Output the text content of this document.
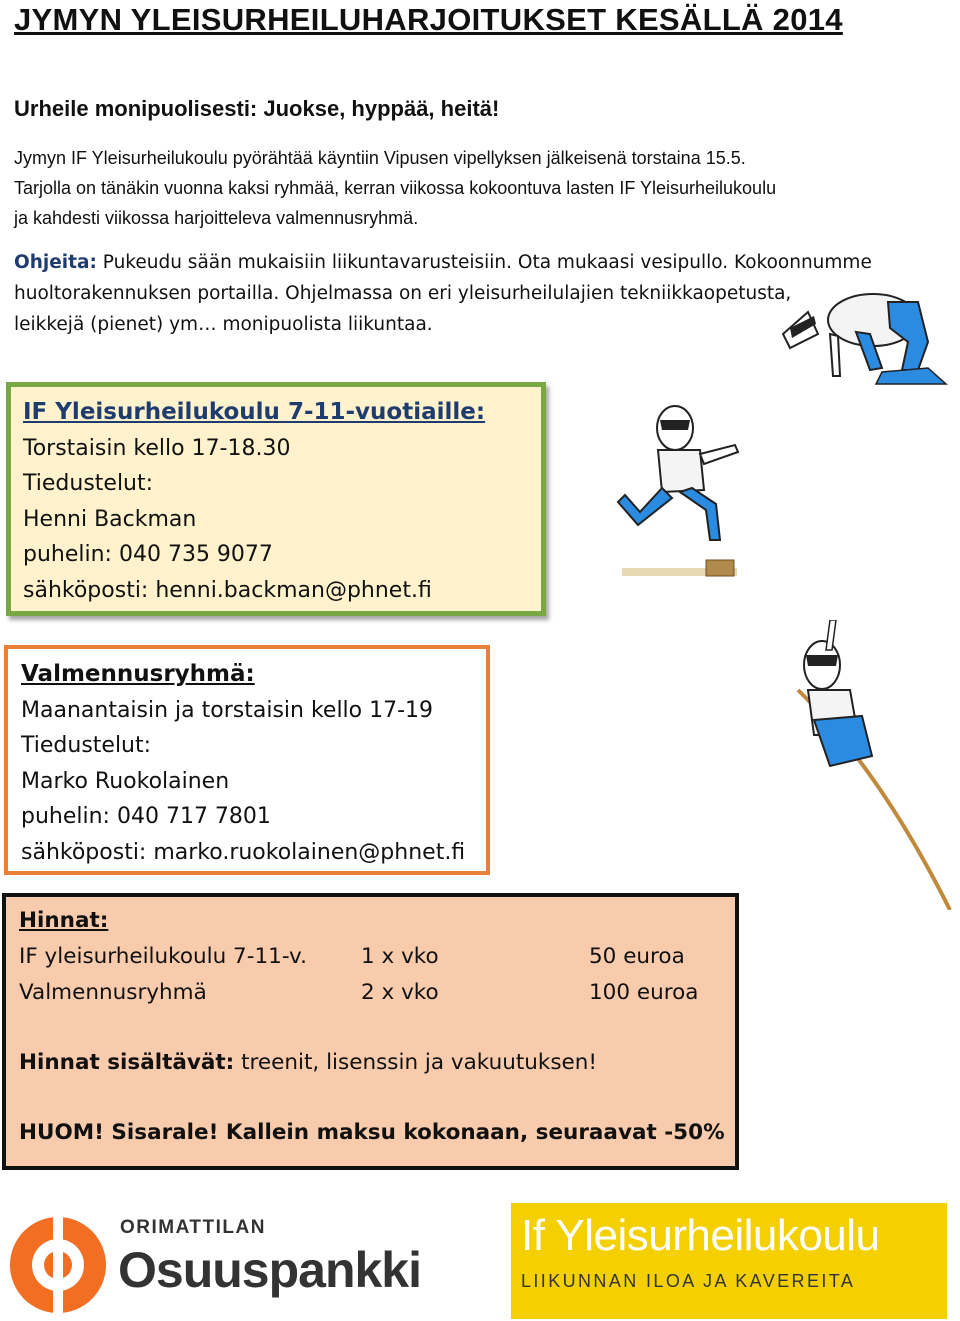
JYMYN YLEISURHEILUHARJOITUKSET KESÄLLÄ 2014
Urheile monipuolisesti: Juokse, hyppää, heitä!
Jymyn IF Yleisurheilukoulu pyörähtää käyntiin Vipusen vipellyksen jälkeisenä torstaina 15.5.
Tarjolla on tänäkin vuonna kaksi ryhmää, kerran viikossa kokoontuva lasten IF Yleisurheilukoulu
ja kahdesti viikossa harjoitteleva valmennusryhmä.
Ohjeita: Pukeudu sään mukaisiin liikuntavarusteisiin. Ota mukaasi vesipullo. Kokoonnumme
huoltorakennuksen portailla. Ohjelmassa on eri yleisurheilulajien tekniikkaopetusta,
leikkejä (pienet) ym… monipuolista liikuntaa.
IF Yleisurheilukoulu 7-11-vuotiaille:
Torstaisin kello 17-18.30
Tiedustelut:
Henni Backman
puhelin: 040 735 9077
sähköposti: henni.backman@phnet.fi
Valmennusryhmä:
Maanantaisin ja torstaisin kello 17-19
Tiedustelut:
Marko Ruokolainen
puhelin: 040 717 7801
sähköposti: marko.ruokolainen@phnet.fi
Hinnat:
IF yleisurheilukoulu 7-11-v.	1 x vko	50 euroa
Valmennusryhmä	2 x vko	100 euroa
Hinnat sisältävät: treenit, lisenssin ja vakuutuksen!
HUOM! Sisarale! Kallein maksu kokonaan, seuraavat -50%
ORIMATTILAN
Osuuspankki
If Yleisurheilukoulu
LIIKUNNAN ILOA JA KAVEREITA
